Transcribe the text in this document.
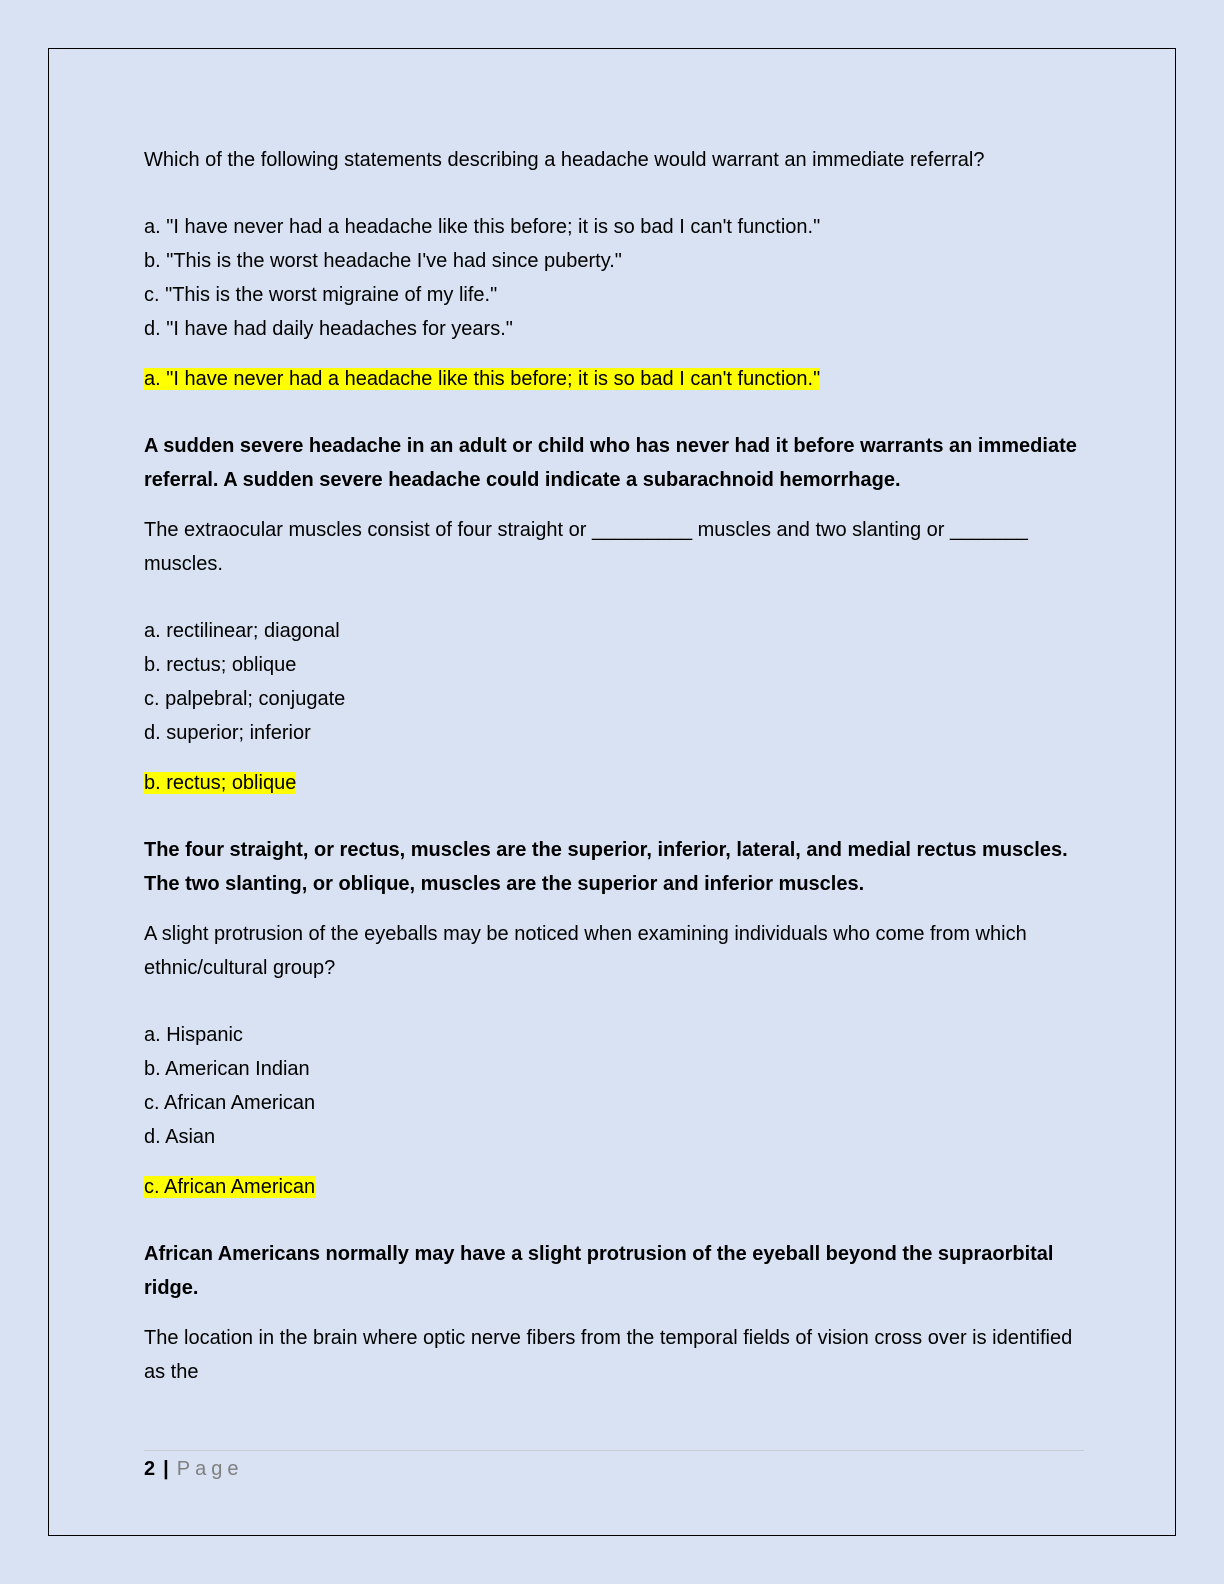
Which of the following statements describing a headache would warrant an immediate referral?

a. "I have never had a headache like this before; it is so bad I can't function."
b. "This is the worst headache I've had since puberty."
c. "This is the worst migraine of my life."
d. "I have had daily headaches for years."

a. "I have never had a headache like this before; it is so bad I can't function."

A sudden severe headache in an adult or child who has never had it before warrants an immediate referral. A sudden severe headache could indicate a subarachnoid hemorrhage.

The extraocular muscles consist of four straight or _________ muscles and two slanting or _______ muscles.

a. rectilinear; diagonal
b. rectus; oblique
c. palpebral; conjugate
d. superior; inferior

b. rectus; oblique

The four straight, or rectus, muscles are the superior, inferior, lateral, and medial rectus muscles. The two slanting, or oblique, muscles are the superior and inferior muscles.

A slight protrusion of the eyeballs may be noticed when examining individuals who come from which ethnic/cultural group?

a. Hispanic
b. American Indian
c. African American
d. Asian

c. African American

African Americans normally may have a slight protrusion of the eyeball beyond the supraorbital ridge.

The location in the brain where optic nerve fibers from the temporal fields of vision cross over is identified as the

2 | Page
